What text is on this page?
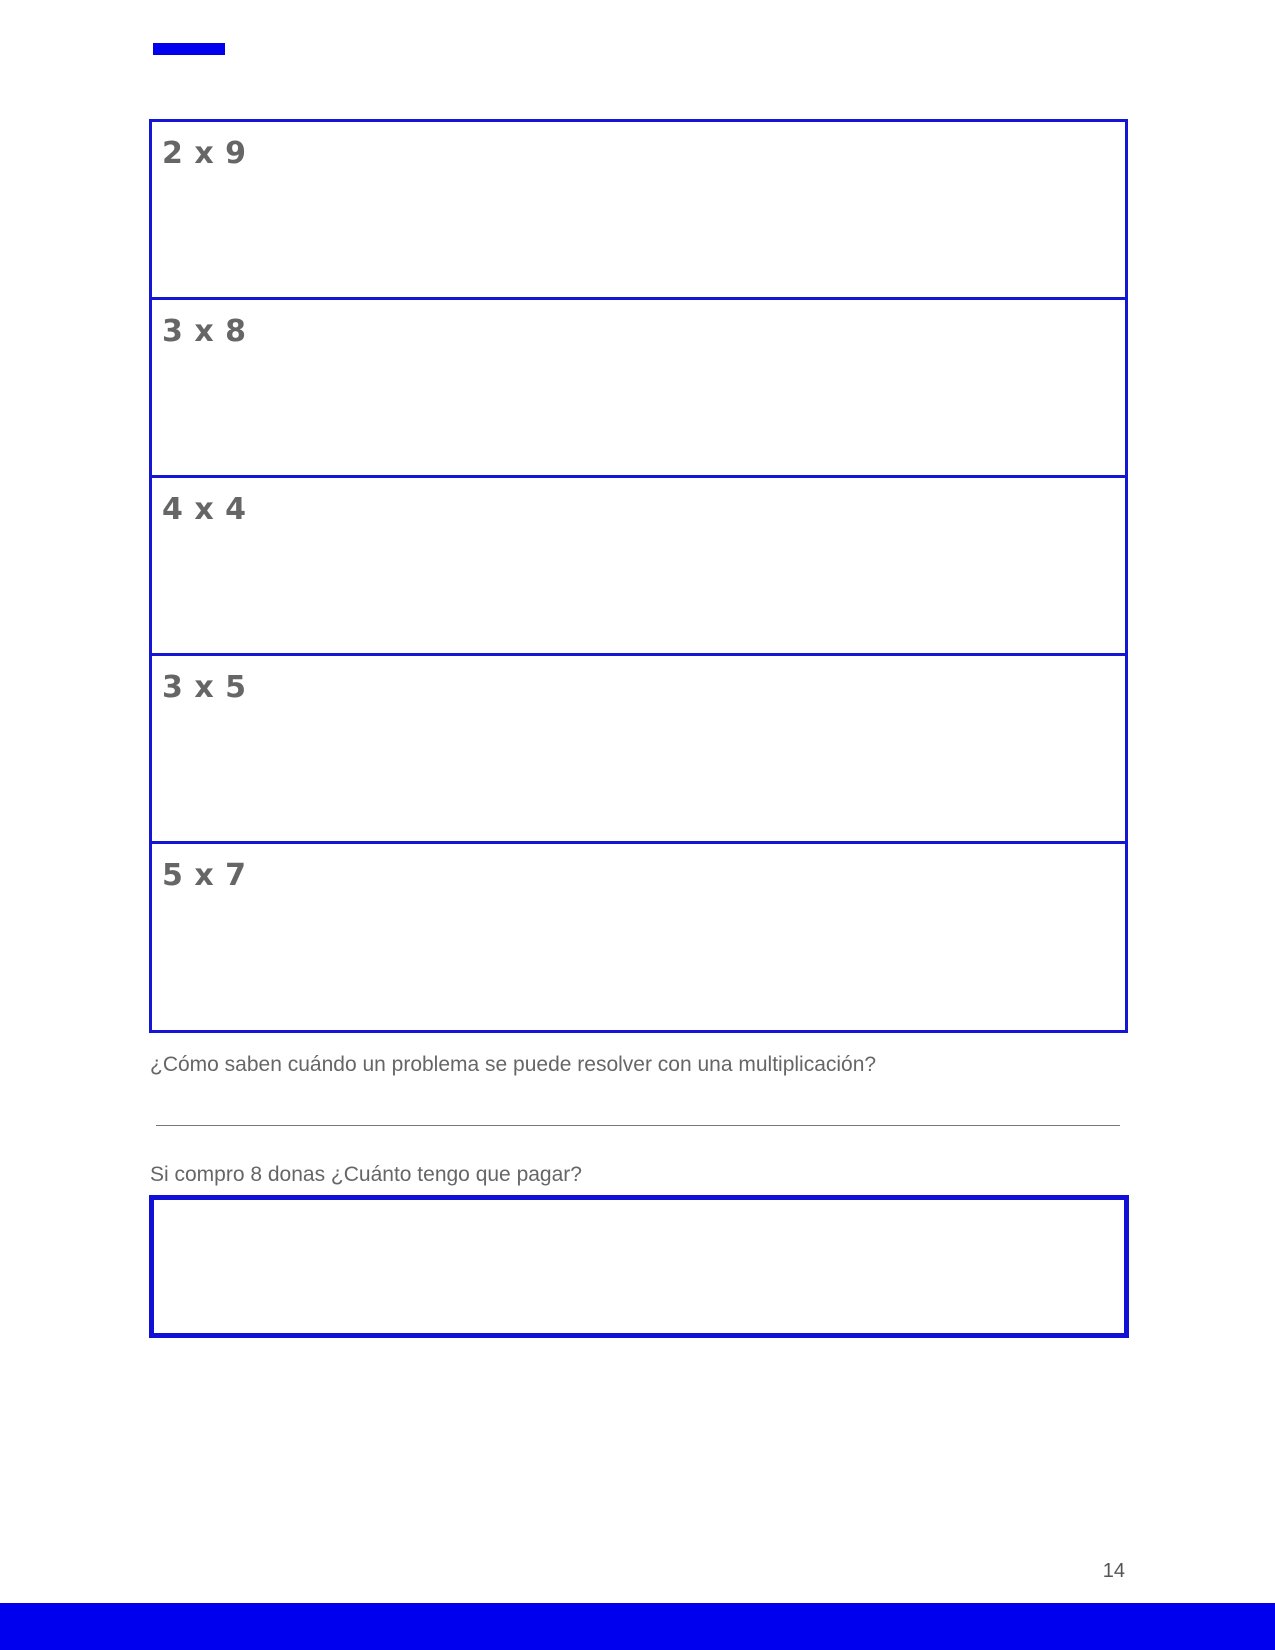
2 x 9
3 x 8
4 x 4
3 x 5
5 x 7
¿Cómo saben cuándo un problema se puede resolver con una multiplicación?
Si compro 8 donas ¿Cuánto tengo que pagar?
14
